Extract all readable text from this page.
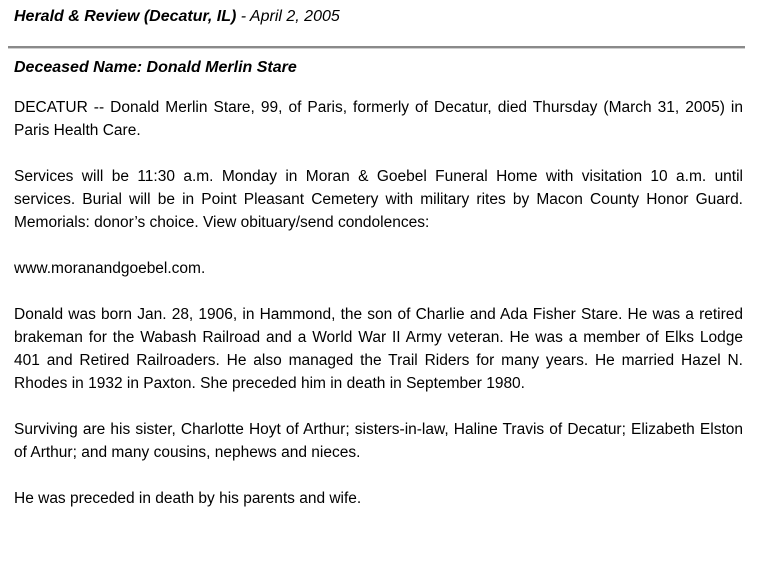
Herald & Review (Decatur, IL) - April 2, 2005
Deceased Name: Donald Merlin Stare

DECATUR -- Donald Merlin Stare, 99, of Paris, formerly of Decatur, died Thursday (March 31, 2005) in Paris Health Care.

Services will be 11:30 a.m. Monday in Moran & Goebel Funeral Home with visitation 10 a.m. until services. Burial will be in Point Pleasant Cemetery with military rites by Macon County Honor Guard. Memorials: donor’s choice. View obituary/send condolences:

www.moranandgoebel.com.

Donald was born Jan. 28, 1906, in Hammond, the son of Charlie and Ada Fisher Stare. He was a retired brakeman for the Wabash Railroad and a World War II Army veteran. He was a member of Elks Lodge 401 and Retired Railroaders. He also managed the Trail Riders for many years. He married Hazel N. Rhodes in 1932 in Paxton. She preceded him in death in September 1980.

Surviving are his sister, Charlotte Hoyt of Arthur; sisters-in-law, Haline Travis of Decatur; Elizabeth Elston of Arthur; and many cousins, nephews and nieces.

He was preceded in death by his parents and wife.
